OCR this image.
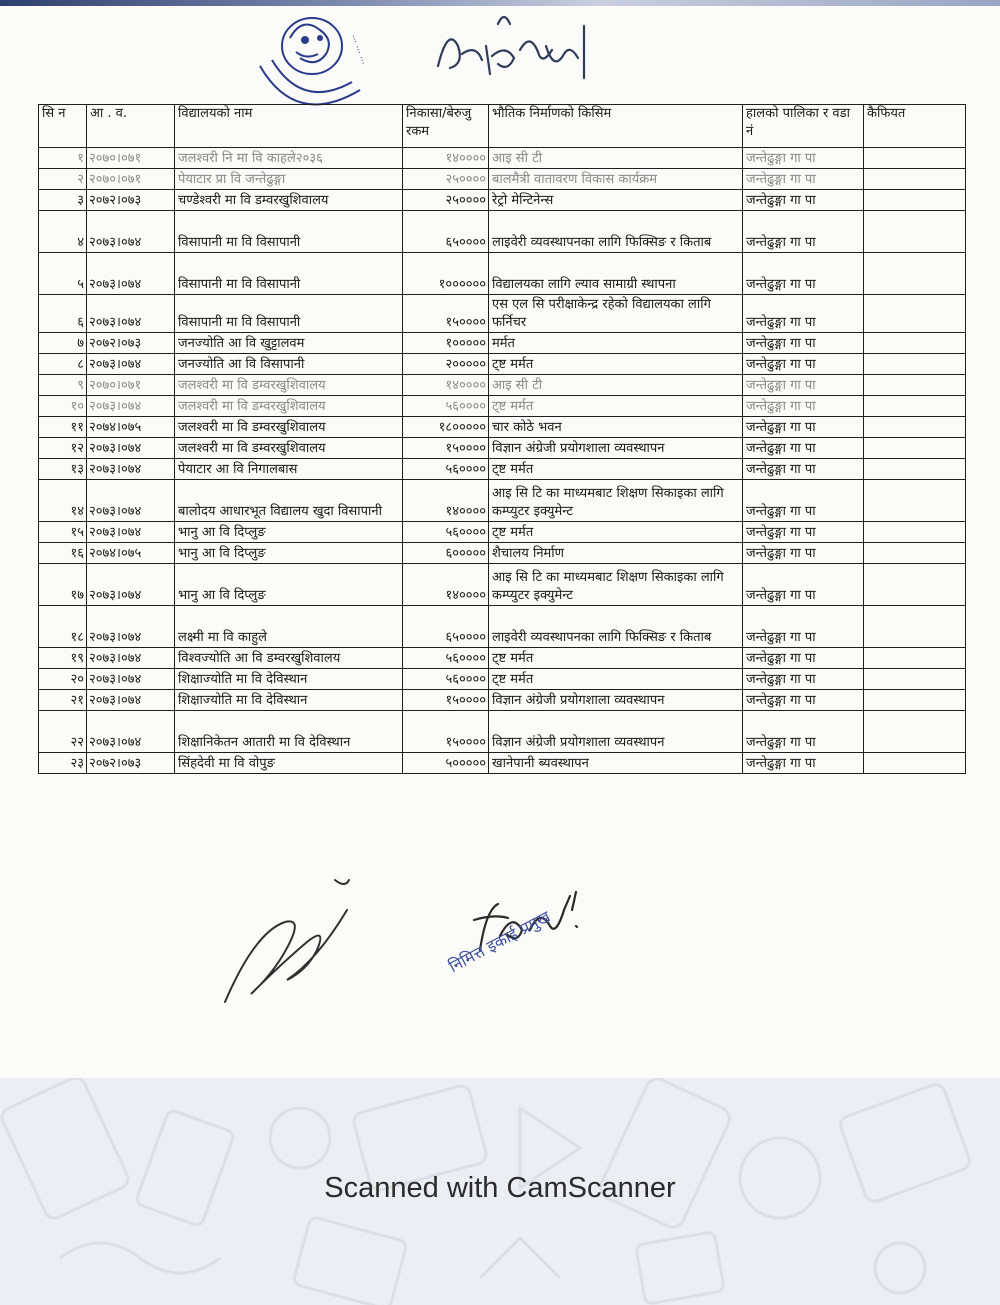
··· ··· ···
सि न	आ . व.	विद्यालयको नाम	निकासा/बेरुजु रकम	भौतिक निर्माणको किसिम	हालको पालिका र वडा नं	कैफियत
१	२०७०।०७१	जलश्वरी नि मा वि काहले२०३६	१४००००	आइ सी टी	जन्तेढुङ्गा गा पा	
२	२०७०।०७१	पेयाटार प्रा वि जन्तेढुङ्गा	२५००००	बालमैत्री वातावरण विकास कार्यक्रम	जन्तेढुङ्गा गा पा	
३	२०७२।०७३	चण्डेश्वरी मा वि डम्वरखुशिवालय	२५००००	रेट्रो मेन्टिनेन्स	जन्तेढुङ्गा गा पा	
४	२०७३।०७४	विसापानी मा वि विसापानी	६५००००	लाइवेरी व्यवस्थापनका लागि फिक्सिङ र किताब	जन्तेढुङ्गा गा पा	
५	२०७३।०७४	विसापानी मा वि विसापानी	१००००००	विद्यालयका लागि ल्याव सामाग्री स्थापना	जन्तेढुङ्गा गा पा	
६	२०७३।०७४	विसापानी मा वि विसापानी	१५००००	एस एल सि परीक्षाकेन्द्र रहेको विद्यालयका लागि फर्निचर	जन्तेढुङ्गा गा पा	
७	२०७२।०७३	जनज्योति आ वि खुट्टालवम	१०००००	मर्मत	जन्तेढुङ्गा गा पा	
८	२०७३।०७४	जनज्योति आ वि विसापानी	२०००००	ट्ष्ट मर्मत	जन्तेढुङ्गा गा पा	
९	२०७०।०७१	जलश्वरी मा वि डम्वरखुशिवालय	१४००००	आइ सी टी	जन्तेढुङ्गा गा पा	
१०	२०७३।०७४	जलश्वरी मा वि डम्वरखुशिवालय	५६००००	ट्ष्ट मर्मत	जन्तेढुङ्गा गा पा	
११	२०७४।०७५	जलश्वरी मा वि डम्वरखुशिवालय	१८०००००	चार कोठे भवन	जन्तेढुङ्गा गा पा	
१२	२०७३।०७४	जलश्वरी मा वि डम्वरखुशिवालय	१५००००	विज्ञान अंग्रेजी प्रयोगशाला व्यवस्थापन	जन्तेढुङ्गा गा पा	
१३	२०७३।०७४	पेयाटार आ वि निगालबास	५६००००	ट्ष्ट मर्मत	जन्तेढुङ्गा गा पा	
१४	२०७३।०७४	बालोदय आधारभूत विद्यालय खुदा विसापानी	१४००००	आइ सि टि का माध्यमबाट शिक्षण सिकाइका लागि कम्प्युटर इक्युमेन्ट	जन्तेढुङ्गा गा पा	
१५	२०७३।०७४	भानु आ वि दिप्लुङ	५६००००	ट्ष्ट मर्मत	जन्तेढुङ्गा गा पा	
१६	२०७४।०७५	भानु आ वि दिप्लुङ	६०००००	शैचालय निर्माण	जन्तेढुङ्गा गा पा	
१७	२०७३।०७४	भानु आ वि दिप्लुङ	१४००००	आइ सि टि का माध्यमबाट शिक्षण सिकाइका लागि कम्प्युटर इक्युमेन्ट	जन्तेढुङ्गा गा पा	
१८	२०७३।०७४	लक्ष्मी मा वि काहुले	६५००००	लाइवेरी व्यवस्थापनका लागि फिक्सिङ र किताब	जन्तेढुङ्गा गा पा	
१९	२०७३।०७४	विश्वज्योति आ वि डम्वरखुशिवालय	५६००००	ट्ष्ट मर्मत	जन्तेढुङ्गा गा पा	
२०	२०७३।०७४	शिक्षाज्योति मा वि देविस्थान	५६००००	ट्ष्ट मर्मत	जन्तेढुङ्गा गा पा	
२१	२०७३।०७४	शिक्षाज्योति मा वि देविस्थान	१५००००	विज्ञान अंग्रेजी प्रयोगशाला व्यवस्थापन	जन्तेढुङ्गा गा पा	
२२	२०७३।०७४	शिक्षानिकेतन आतारी मा वि देविस्थान	१५००००	विज्ञान अंग्रेजी प्रयोगशाला व्यवस्थापन	जन्तेढुङ्गा गा पा	
२३	२०७२।०७३	सिंहदेवी मा वि वोपुङ	५०००००	खानेपानी ब्यवस्थापन	जन्तेढुङ्गा गा पा	
निमित्त इकाई प्रमुख
Scanned with CamScanner
